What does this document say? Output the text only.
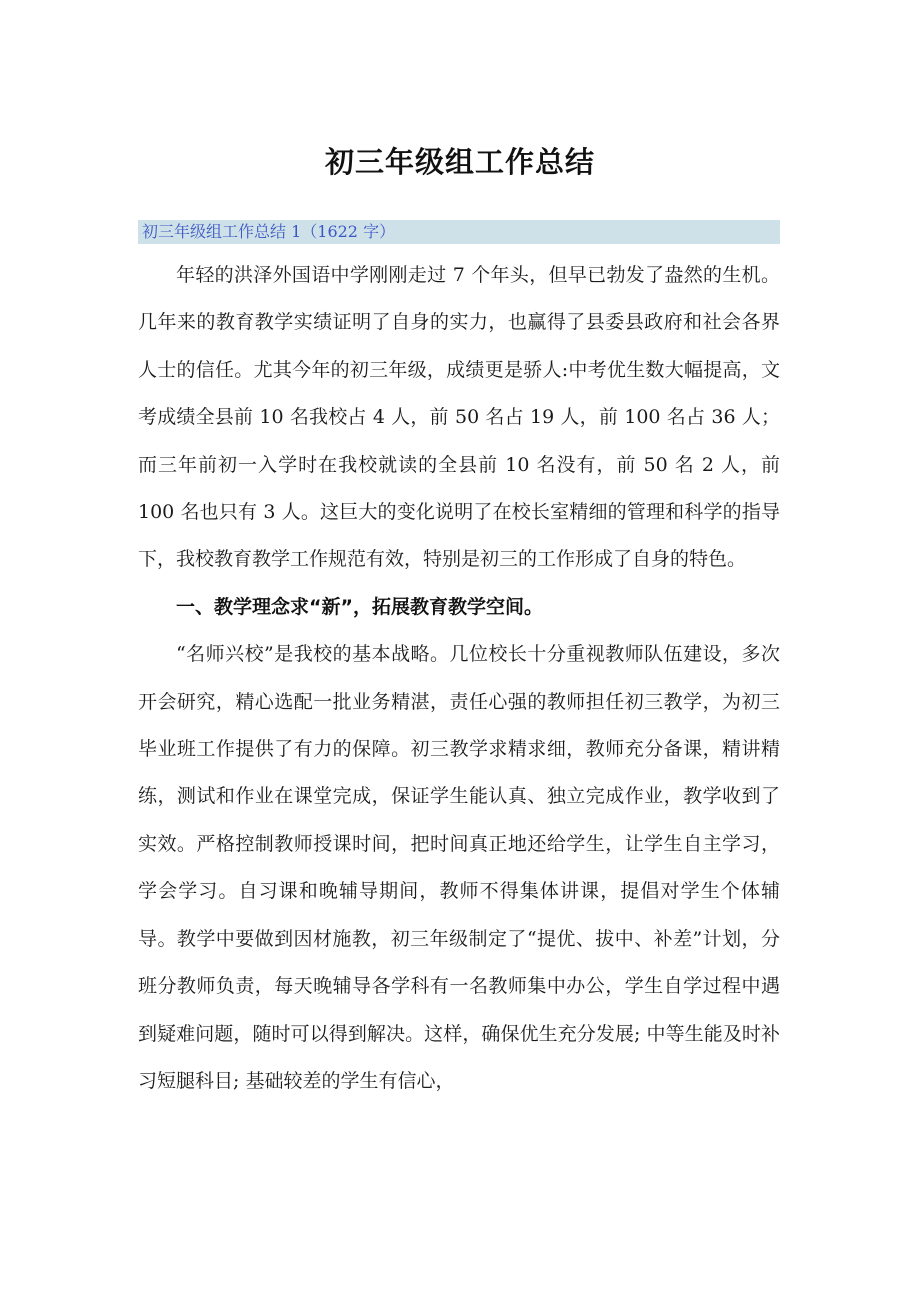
初三年级组工作总结
初三年级组工作总结 1（1622 字）

年轻的洪泽外国语中学刚刚走过 7 个年头，但早已勃发了盎然的生机。几年来的教育教学实绩证明了自身的实力，也赢得了县委县政府和社会各界人士的信任。尤其今年的初三年级，成绩更是骄人:中考优生数大幅提高，文考成绩全县前 10 名我校占 4 人，前 50 名占 19 人，前 100 名占 36 人；而三年前初一入学时在我校就读的全县前 10 名没有，前 50 名 2 人，前 100 名也只有 3 人。这巨大的变化说明了在校长室精细的管理和科学的指导下，我校教育教学工作规范有效，特别是初三的工作形成了自身的特色。

一、教学理念求“新”，拓展教育教学空间。

“名师兴校”是我校的基本战略。几位校长十分重视教师队伍建设，多次开会研究，精心选配一批业务精湛，责任心强的教师担任初三教学，为初三毕业班工作提供了有力的保障。初三教学求精求细，教师充分备课，精讲精练，测试和作业在课堂完成，保证学生能认真、独立完成作业，教学收到了实效。严格控制教师授课时间，把时间真正地还给学生，让学生自主学习，学会学习。自习课和晚辅导期间，教师不得集体讲课，提倡对学生个体辅导。教学中要做到因材施教，初三年级制定了“提优、拔中、补差”计划，分班分教师负责，每天晚辅导各学科有一名教师集中办公，学生自学过程中遇到疑难问题，随时可以得到解决。这样，确保优生充分发展; 中等生能及时补习短腿科目; 基础较差的学生有信心，
